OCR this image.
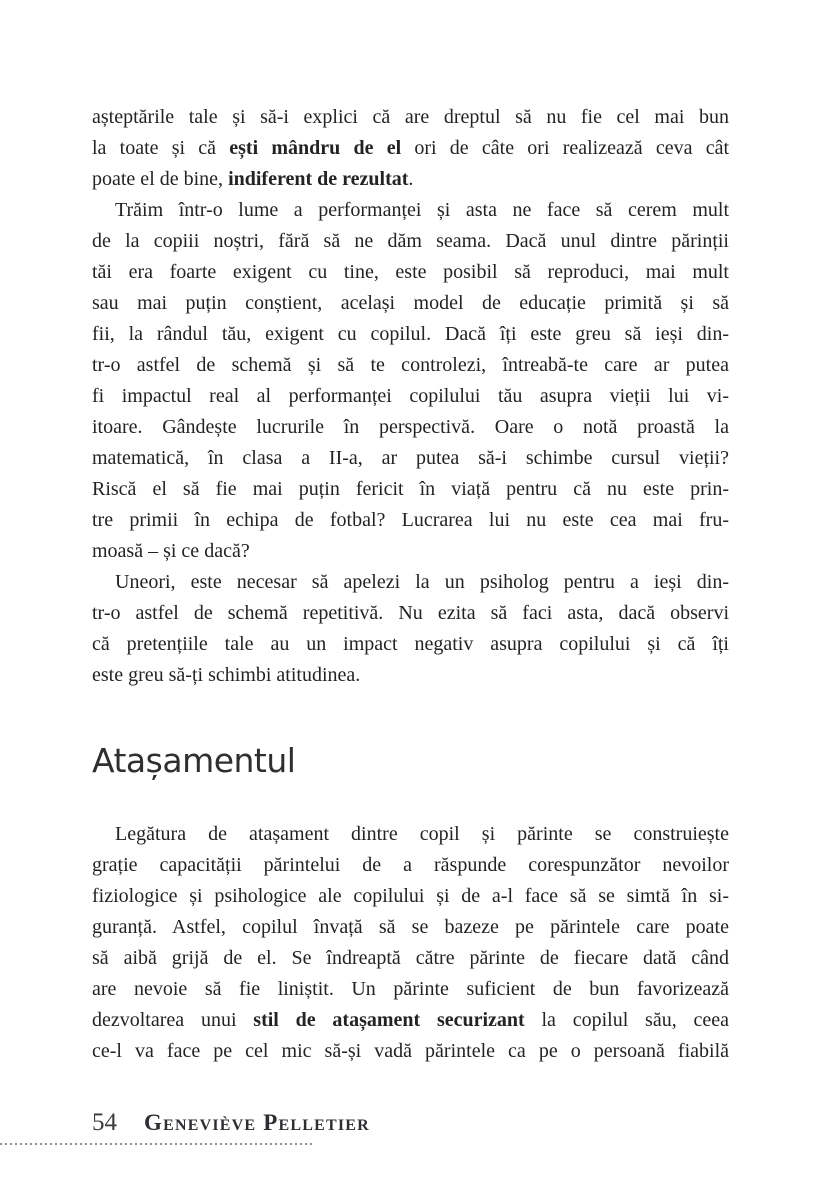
așteptările tale și să-i explici că are dreptul să nu fie cel mai bun
la toate și că ești mândru de el ori de câte ori realizează ceva cât
poate el de bine, indiferent de rezultat.
Trăim într-o lume a performanței și asta ne face să cerem mult
de la copiii noștri, fără să ne dăm seama. Dacă unul dintre părinții
tăi era foarte exigent cu tine, este posibil să reproduci, mai mult
sau mai puțin conștient, același model de educație primită și să
fii, la rândul tău, exigent cu copilul. Dacă îți este greu să ieși din-
tr-o astfel de schemă și să te controlezi, întreabă-te care ar putea
fi impactul real al performanței copilului tău asupra vieții lui vi-
itoare. Gândește lucrurile în perspectivă. Oare o notă proastă la
matematică, în clasa a II-a, ar putea să-i schimbe cursul vieții?
Riscă el să fie mai puțin fericit în viață pentru că nu este prin-
tre primii în echipa de fotbal? Lucrarea lui nu este cea mai fru-
moasă – și ce dacă?
Uneori, este necesar să apelezi la un psiholog pentru a ieși din-
tr-o astfel de schemă repetitivă. Nu ezita să faci asta, dacă observi
că pretențiile tale au un impact negativ asupra copilului și că îți
este greu să-ți schimbi atitudinea.
Atașamentul
Legătura de atașament dintre copil și părinte se construiește
grație capacității părintelui de a răspunde corespunzător nevoilor
fiziologice și psihologice ale copilului și de a-l face să se simtă în si-
guranță. Astfel, copilul învață să se bazeze pe părintele care poate
să aibă grijă de el. Se îndreaptă către părinte de fiecare dată când
are nevoie să fie liniștit. Un părinte suficient de bun favorizează
dezvoltarea unui stil de atașament securizant la copilul său, ceea
ce-l va face pe cel mic să-și vadă părintele ca pe o persoană fiabilă
54 Geneviève Pelletier
